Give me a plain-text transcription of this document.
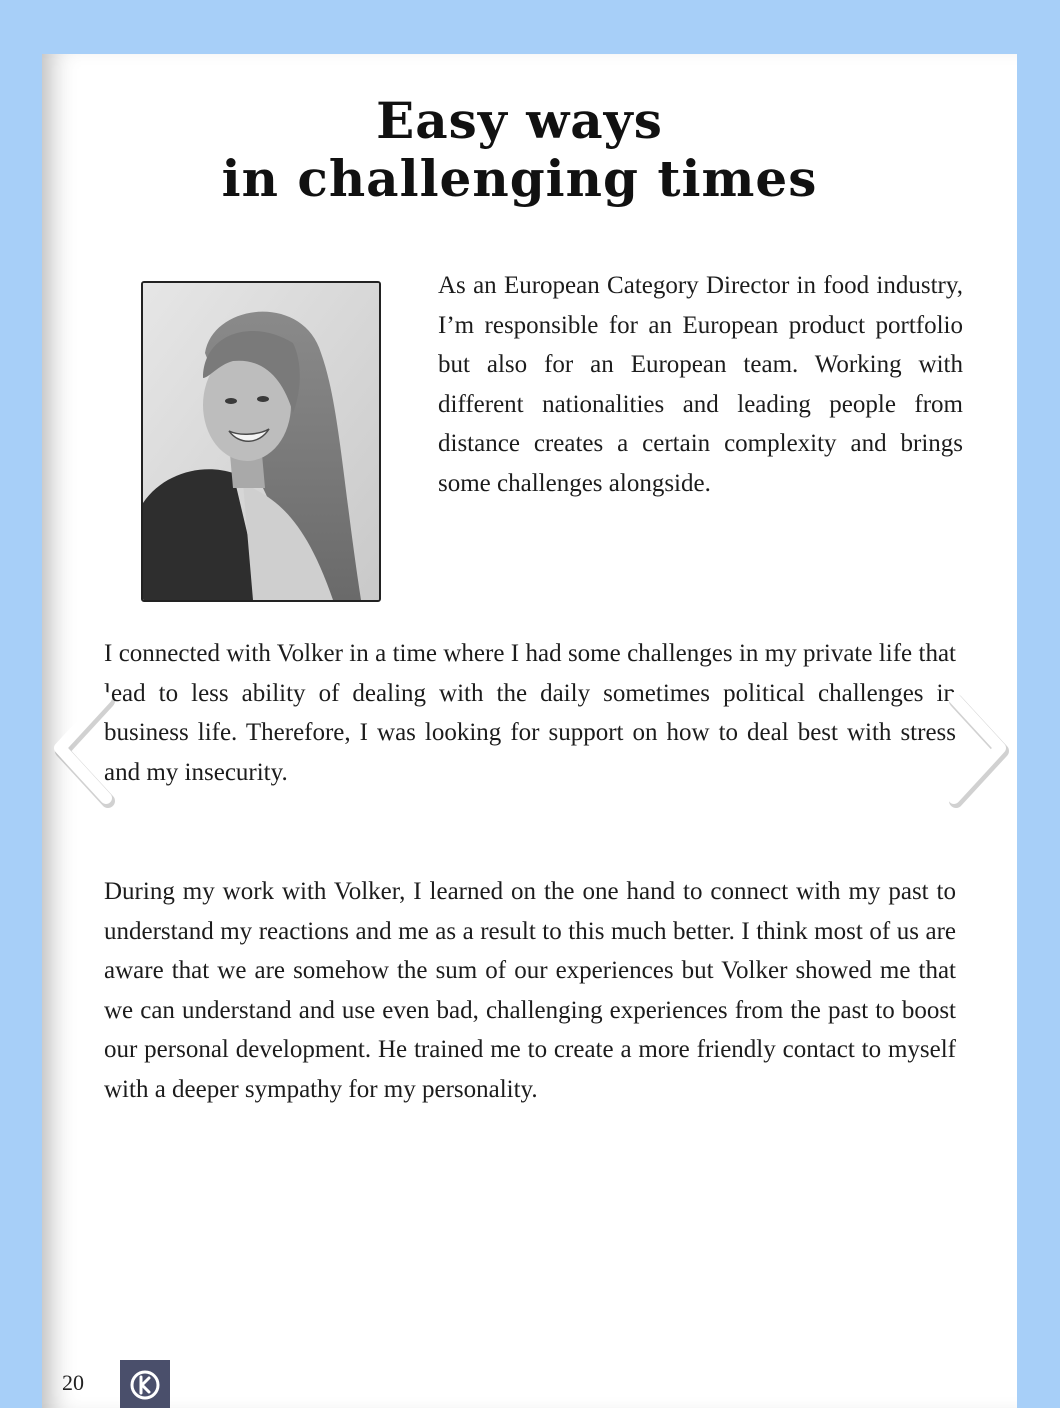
Easy ways
in challenging times

As an European Category Director in food industry, I’m responsible for an European product portfolio but also for an European team. Working with different nationalities and leading people from distance creates a certain complexity and brings some challenges alongside.

I connected with Volker in a time where I had some challenges in my private life that lead to less ability of dealing with the daily sometimes political challenges in business life. Therefore, I was looking for support on how to deal best with stress and my insecurity.

During my work with Volker, I learned on the one hand to connect with my past to understand my reactions and me as a result to this much better. I think most of us are aware that we are somehow the sum of our experiences but Volker showed me that we can understand and use even bad, challenging experiences from the past to boost our personal development. He trained me to create a more friendly contact to myself with a deeper sympathy for my personality.

20
